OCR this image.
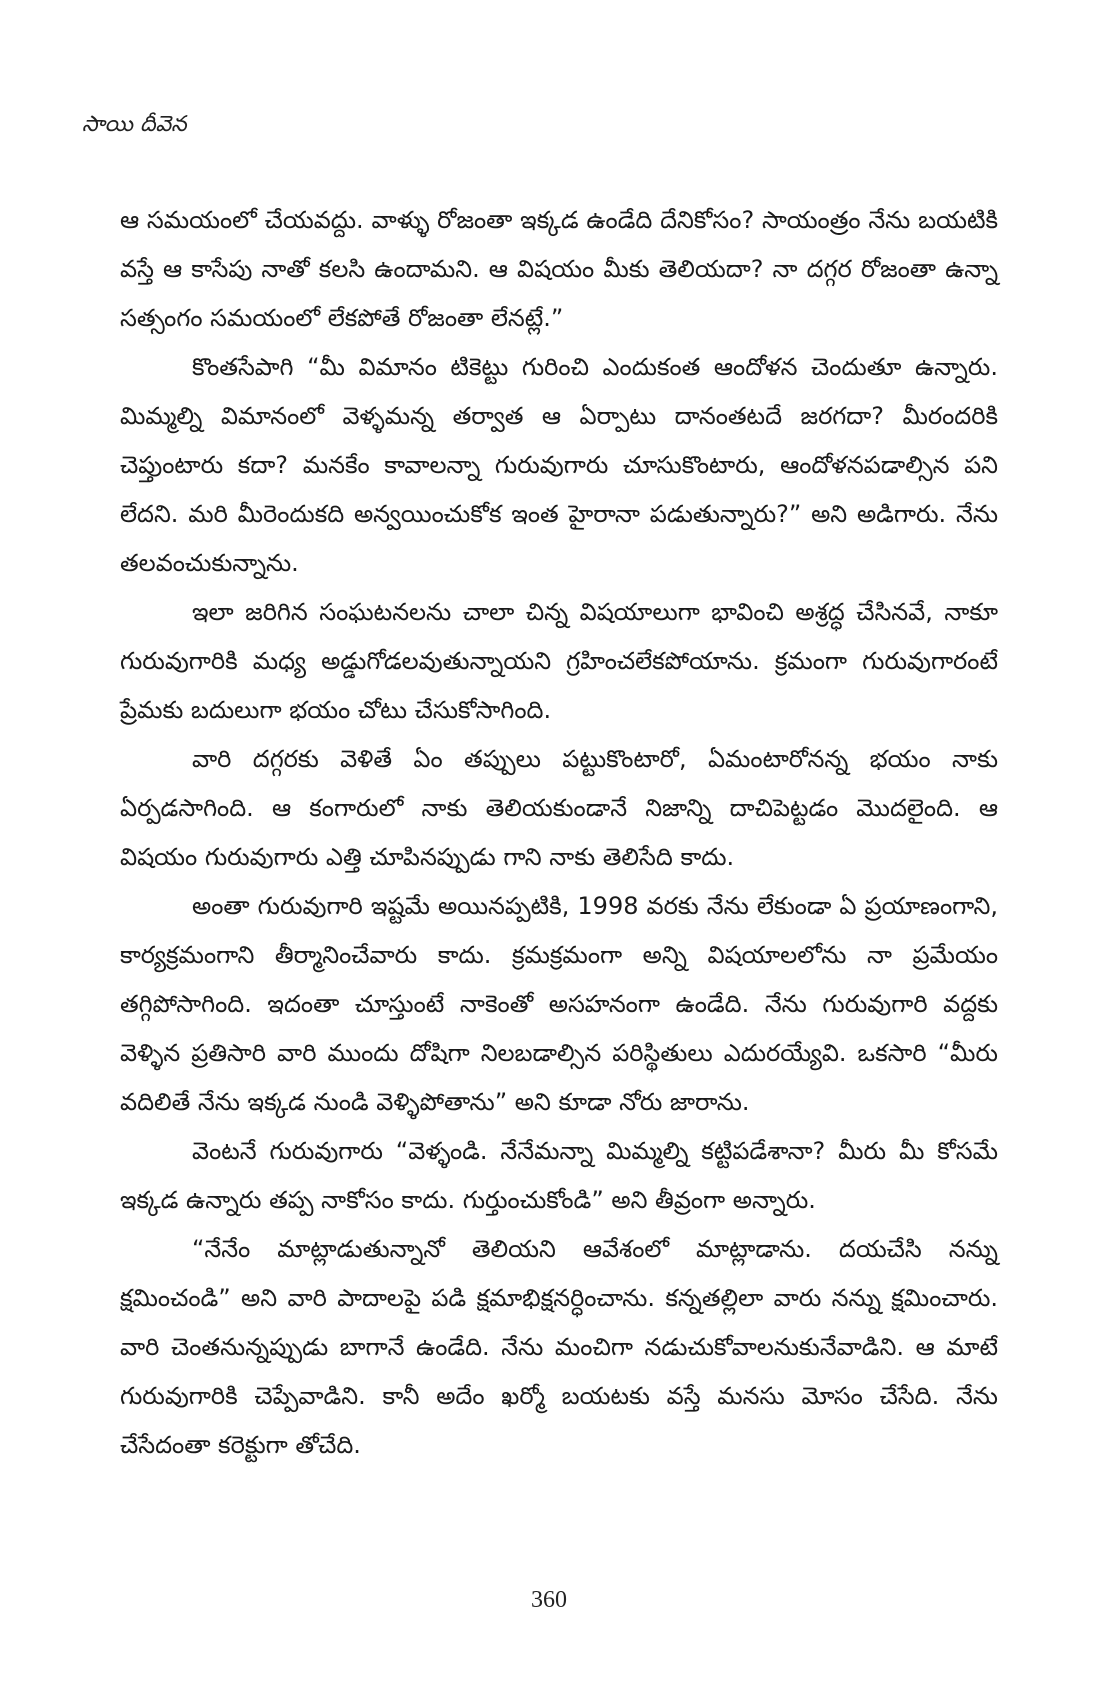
సాయి దీవెన

ఆ సమయంలో చేయవద్దు. వాళ్ళు రోజంతా ఇక్కడ ఉండేది దేనికోసం? సాయంత్రం నేను బయటికి వస్తే ఆ కాసేపు నాతో కలసి ఉందామని. ఆ విషయం మీకు తెలియదా? నా దగ్గర రోజంతా ఉన్నా సత్సంగం సమయంలో లేకపోతే రోజంతా లేనట్లే.”

కొంతసేపాగి “మీ విమానం టికెట్టు గురించి ఎందుకంత ఆందోళన చెందుతూ ఉన్నారు. మిమ్మల్ని విమానంలో వెళ్ళమన్న తర్వాత ఆ ఏర్పాటు దానంతటదే జరగదా? మీరందరికి చెప్తుంటారు కదా? మనకేం కావాలన్నా గురువుగారు చూసుకొంటారు, ఆందోళనపడాల్సిన పని లేదని. మరి మీరెందుకది అన్వయించుకోక ఇంత హైరానా పడుతున్నారు?” అని అడిగారు. నేను తలవంచుకున్నాను.

ఇలా జరిగిన సంఘటనలను చాలా చిన్న విషయాలుగా భావించి అశ్రద్ధ చేసినవే, నాకూ గురువుగారికి మధ్య అడ్డుగోడలవుతున్నాయని గ్రహించలేకపోయాను. క్రమంగా గురువుగారంటే ప్రేమకు బదులుగా భయం చోటు చేసుకోసాగింది.

వారి దగ్గరకు వెళితే ఏం తప్పులు పట్టుకొంటారో, ఏమంటారోనన్న భయం నాకు ఏర్పడసాగింది. ఆ కంగారులో నాకు తెలియకుండానే నిజాన్ని దాచిపెట్టడం మొదలైంది. ఆ విషయం గురువుగారు ఎత్తి చూపినప్పుడు గాని నాకు తెలిసేది కాదు.

అంతా గురువుగారి ఇష్టమే అయినప్పటికి, 1998 వరకు నేను లేకుండా ఏ ప్రయాణంగాని, కార్యక్రమంగాని తీర్మానించేవారు కాదు. క్రమక్రమంగా అన్ని విషయాలలోను నా ప్రమేయం తగ్గిపోసాగింది. ఇదంతా చూస్తుంటే నాకెంతో అసహనంగా ఉండేది. నేను గురువుగారి వద్దకు వెళ్ళిన ప్రతిసారి వారి ముందు దోషిగా నిలబడాల్సిన పరిస్థితులు ఎదురయ్యేవి. ఒకసారి “మీరు వదిలితే నేను ఇక్కడ నుండి వెళ్ళిపోతాను” అని కూడా నోరు జారాను.

వెంటనే గురువుగారు “వెళ్ళండి. నేనేమన్నా మిమ్మల్ని కట్టిపడేశానా? మీరు మీ కోసమే ఇక్కడ ఉన్నారు తప్ప నాకోసం కాదు. గుర్తుంచుకోండి” అని తీవ్రంగా అన్నారు.

“నేనేం మాట్లాడుతున్నానో తెలియని ఆవేశంలో మాట్లాడాను. దయచేసి నన్ను క్షమించండి” అని వారి పాదాలపై పడి క్షమాభిక్షనర్ధించాను. కన్నతల్లిలా వారు నన్ను క్షమించారు. వారి చెంతనున్నప్పుడు బాగానే ఉండేది. నేను మంచిగా నడుచుకోవాలనుకునేవాడిని. ఆ మాటే గురువుగారికి చెప్పేవాడిని. కానీ అదేం ఖర్మో బయటకు వస్తే మనసు మోసం చేసేది. నేను చేసేదంతా కరెక్టుగా తోచేది.

360
